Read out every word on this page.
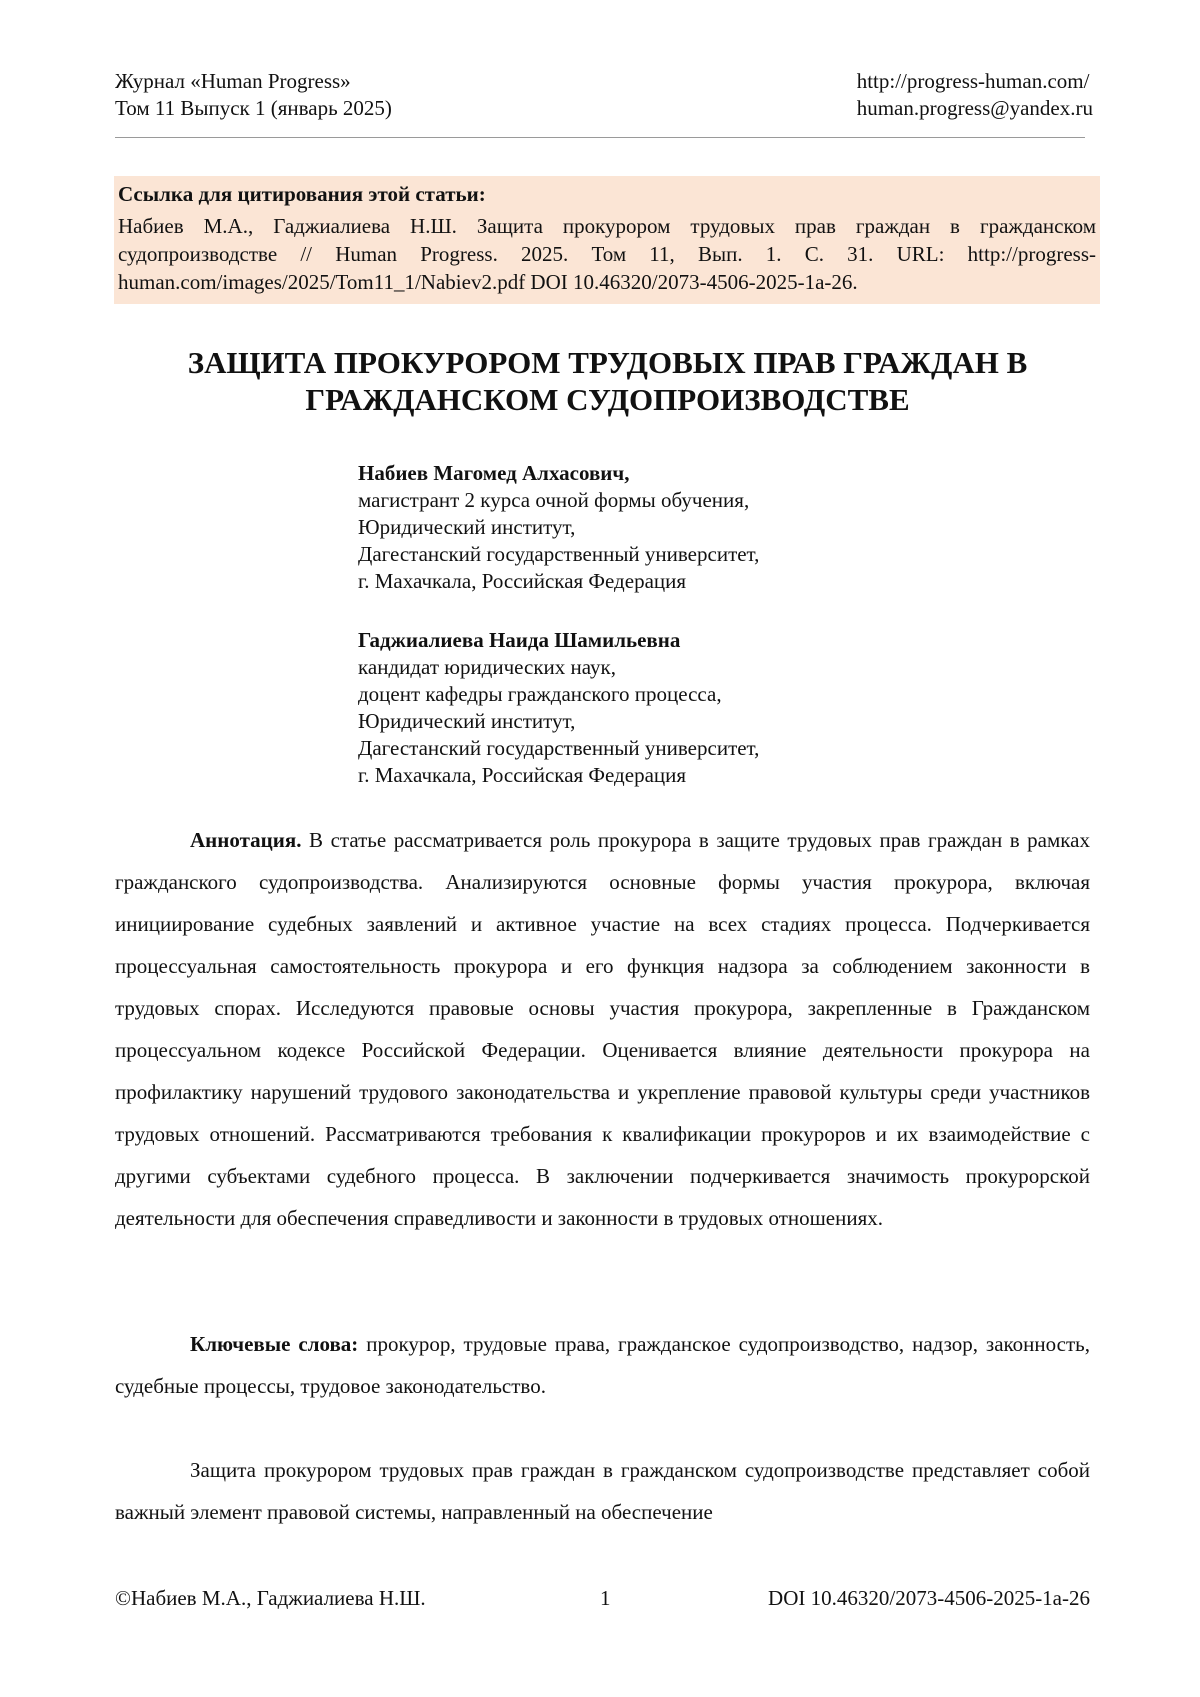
Журнал «Human Progress»
Том 11 Выпуск 1 (январь 2025)
http://progress-human.com/
human.progress@yandex.ru

Ссылка для цитирования этой статьи:

Набиев М.А., Гаджиалиева Н.Ш. Защита прокурором трудовых прав граждан в гражданском судопроизводстве // Human Progress. 2025. Том 11, Вып. 1. С. 31. URL: http://progress-human.com/images/2025/Tom11_1/Nabiev2.pdf DOI 10.46320/2073-4506-2025-1a-26.

ЗАЩИТА ПРОКУРОРОМ ТРУДОВЫХ ПРАВ ГРАЖДАН В
ГРАЖДАНСКОМ СУДОПРОИЗВОДСТВЕ
Набиев Магомед Алхасович,
магистрант 2 курса очной формы обучения,
Юридический институт,
Дагестанский государственный университет,
г. Махачкала, Российская Федерация
Гаджиалиева Наида Шамильевна
кандидат юридических наук,
доцент кафедры гражданского процесса,
Юридический институт,
Дагестанский государственный университет,
г. Махачкала, Российская Федерация

Аннотация. В статье рассматривается роль прокурора в защите трудовых прав граждан в рамках гражданского судопроизводства. Анализируются основные формы участия прокурора, включая инициирование судебных заявлений и активное участие на всех стадиях процесса. Подчеркивается процессуальная самостоятельность прокурора и его функция надзора за соблюдением законности в трудовых спорах. Исследуются правовые основы участия прокурора, закрепленные в Гражданском процессуальном кодексе Российской Федерации. Оценивается влияние деятельности прокурора на профилактику нарушений трудового законодательства и укрепление правовой культуры среди участников трудовых отношений. Рассматриваются требования к квалификации прокуроров и их взаимодействие с другими субъектами судебного процесса. В заключении подчеркивается значимость прокурорской деятельности для обеспечения справедливости и законности в трудовых отношениях.

Ключевые слова: прокурор, трудовые права, гражданское судопроизводство, надзор, законность, судебные процессы, трудовое законодательство.

Защита прокурором трудовых прав граждан в гражданском судопроизводстве представляет собой важный элемент правовой системы, направленный на обеспечение

©Набиев М.А., Гаджиалиева Н.Ш.	1	DOI 10.46320/2073-4506-2025-1a-26
